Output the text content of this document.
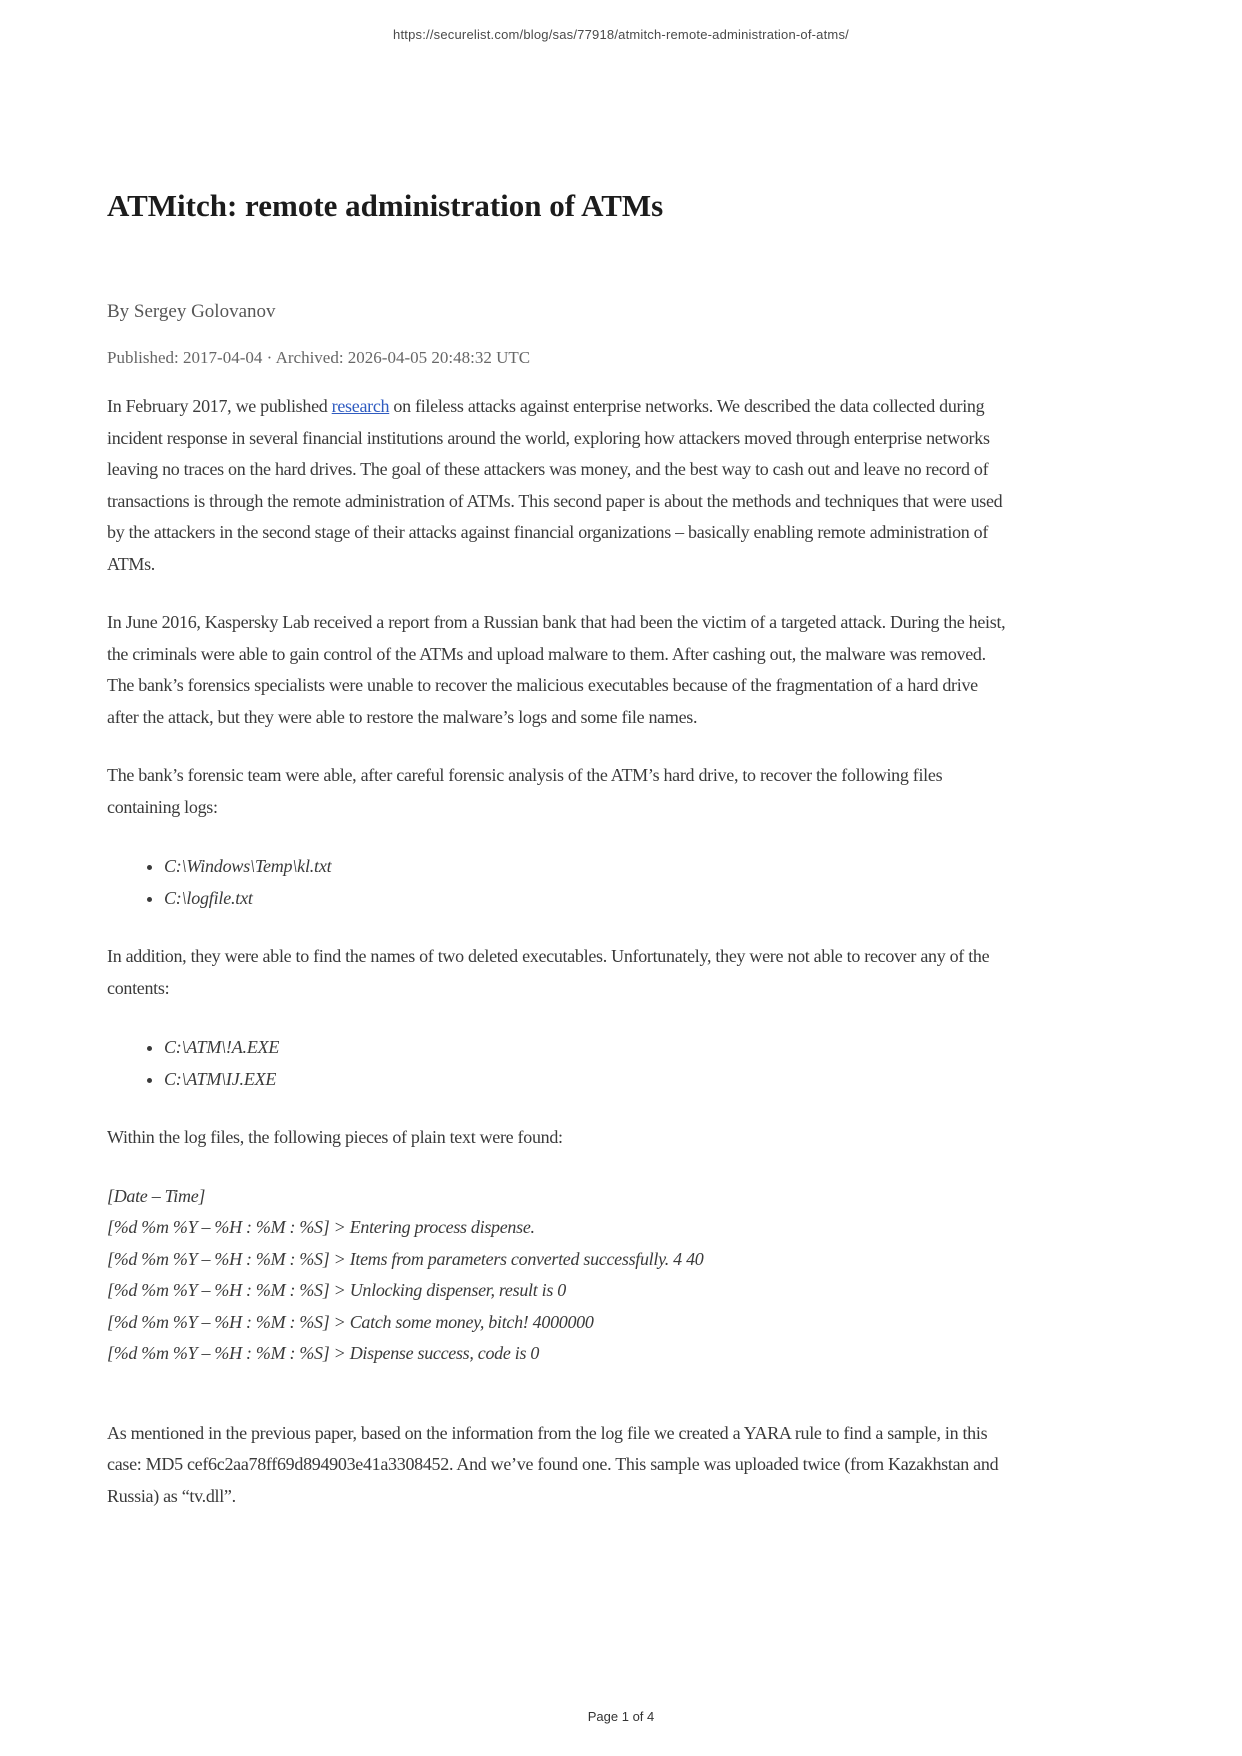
https://securelist.com/blog/sas/77918/atmitch-remote-administration-of-atms/
ATMitch: remote administration of ATMs
By Sergey Golovanov
Published: 2017-04-04 · Archived: 2026-04-05 20:48:32 UTC

In February 2017, we published research on fileless attacks against enterprise networks. We described the data collected during incident response in several financial institutions around the world, exploring how attackers moved through enterprise networks leaving no traces on the hard drives. The goal of these attackers was money, and the best way to cash out and leave no record of transactions is through the remote administration of ATMs. This second paper is about the methods and techniques that were used by the attackers in the second stage of their attacks against financial organizations – basically enabling remote administration of ATMs.

In June 2016, Kaspersky Lab received a report from a Russian bank that had been the victim of a targeted attack. During the heist, the criminals were able to gain control of the ATMs and upload malware to them. After cashing out, the malware was removed. The bank’s forensics specialists were unable to recover the malicious executables because of the fragmentation of a hard drive after the attack, but they were able to restore the malware’s logs and some file names.

The bank’s forensic team were able, after careful forensic analysis of the ATM’s hard drive, to recover the following files containing logs:

• C:\Windows\Temp\kl.txt
• C:\logfile.txt

In addition, they were able to find the names of two deleted executables. Unfortunately, they were not able to recover any of the contents:

• C:\ATM\!A.EXE
• C:\ATM\IJ.EXE

Within the log files, the following pieces of plain text were found:

[Date – Time]
[%d %m %Y – %H : %M : %S] > Entering process dispense.
[%d %m %Y – %H : %M : %S] > Items from parameters converted successfully. 4 40
[%d %m %Y – %H : %M : %S] > Unlocking dispenser, result is 0
[%d %m %Y – %H : %M : %S] > Catch some money, bitch! 4000000
[%d %m %Y – %H : %M : %S] > Dispense success, code is 0

As mentioned in the previous paper, based on the information from the log file we created a YARA rule to find a sample, in this case: MD5 cef6c2aa78ff69d894903e41a3308452. And we’ve found one. This sample was uploaded twice (from Kazakhstan and Russia) as “tv.dll”.

Page 1 of 4
